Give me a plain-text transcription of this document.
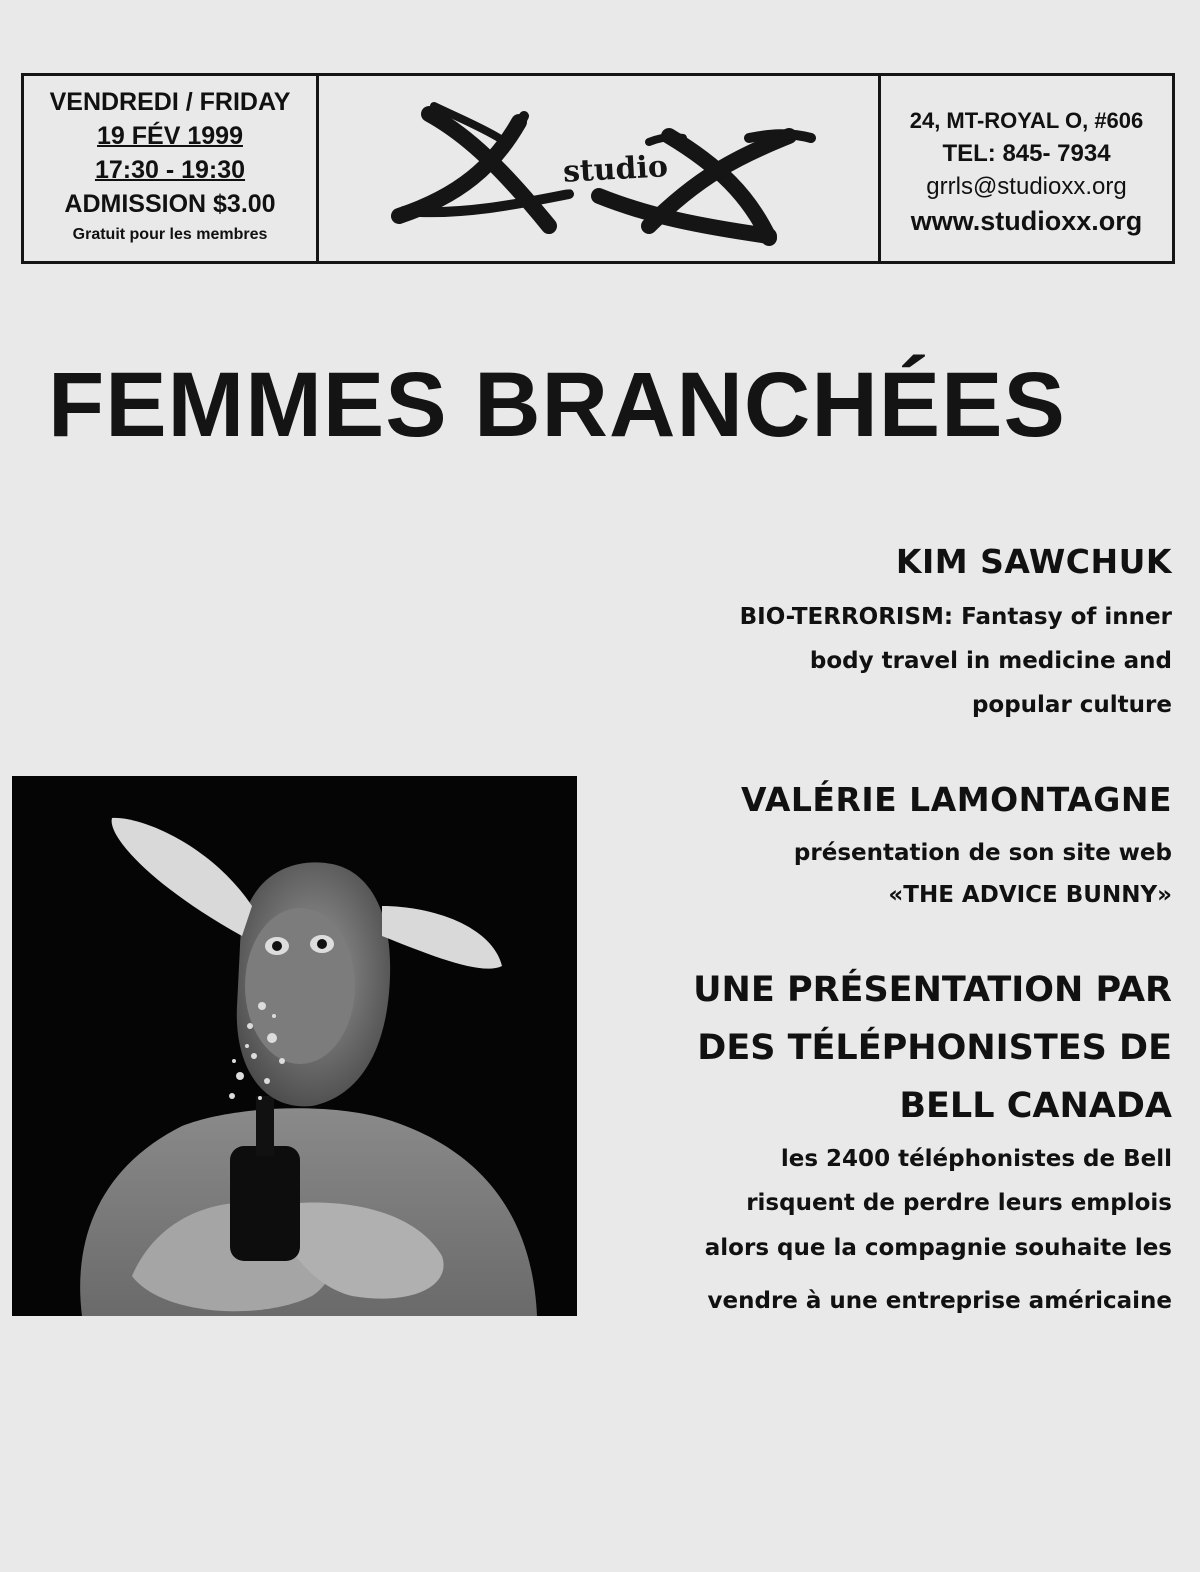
VENDREDI / FRIDAY
19 FÉV 1999
17:30 - 19:30
ADMISSION $3.00
Gratuit pour les membres
studio
24, MT-ROYAL O, #606
TEL: 845- 7934
grrls@studioxx.org
www.studioxx.org
FEMMES BRANCHÉES

KIM SAWCHUK

BIO-TERRORISM: Fantasy of inner

body travel in medicine and

popular culture

VALÉRIE LAMONTAGNE

présentation de son site web

«THE ADVICE BUNNY»

UNE PRÉSENTATION PAR

DES TÉLÉPHONISTES DE

BELL CANADA

les 2400 téléphonistes de Bell

risquent de perdre leurs emplois

alors que la compagnie souhaite les

vendre à une entreprise américaine
